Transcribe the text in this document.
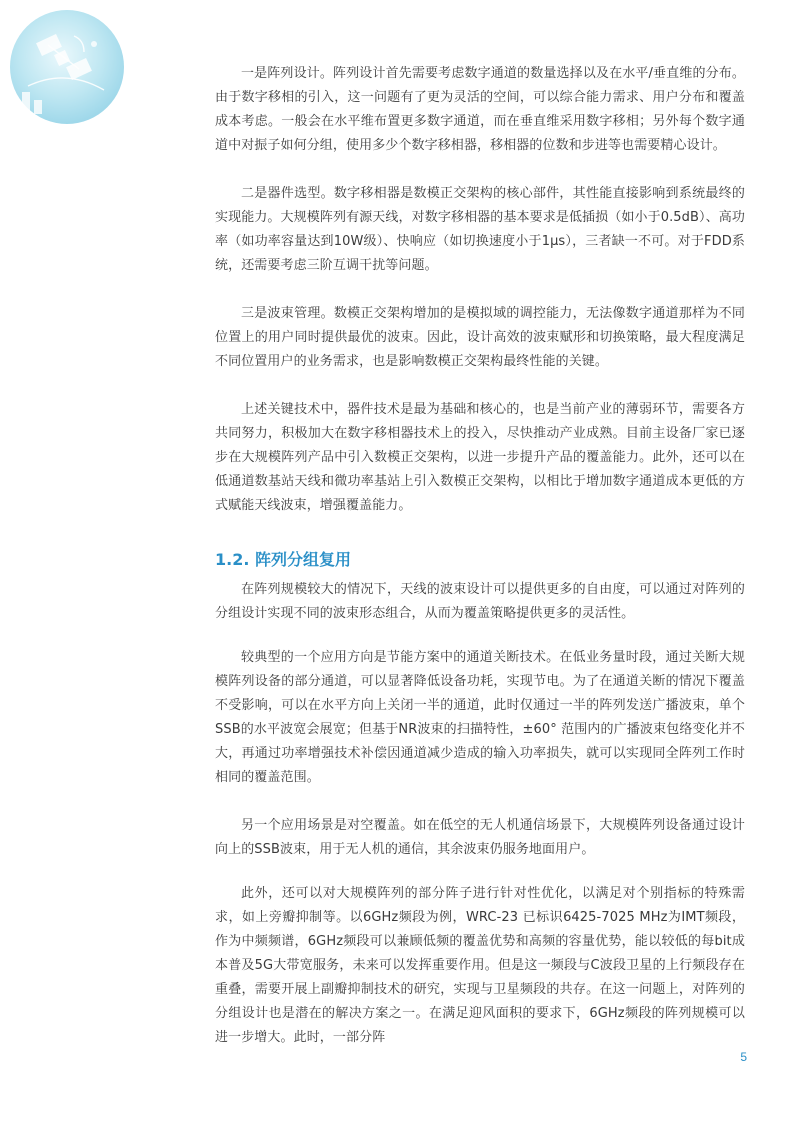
一是阵列设计。阵列设计首先需要考虑数字通道的数量选择以及在水平/垂直维的分布。由于数字移相的引入，这一问题有了更为灵活的空间，可以综合能力需求、用户分布和覆盖成本考虑。一般会在水平维布置更多数字通道，而在垂直维采用数字移相；另外每个数字通道中对振子如何分组，使用多少个数字移相器，移相器的位数和步进等也需要精心设计。

二是器件选型。数字移相器是数模正交架构的核心部件，其性能直接影响到系统最终的实现能力。大规模阵列有源天线，对数字移相器的基本要求是低插损（如小于0.5dB）、高功率（如功率容量达到10W级）、快响应（如切换速度小于1μs），三者缺一不可。对于FDD系统，还需要考虑三阶互调干扰等问题。

三是波束管理。数模正交架构增加的是模拟域的调控能力，无法像数字通道那样为不同位置上的用户同时提供最优的波束。因此，设计高效的波束赋形和切换策略，最大程度满足不同位置用户的业务需求，也是影响数模正交架构最终性能的关键。

上述关键技术中，器件技术是最为基础和核心的，也是当前产业的薄弱环节，需要各方共同努力，积极加大在数字移相器技术上的投入，尽快推动产业成熟。目前主设备厂家已逐步在大规模阵列产品中引入数模正交架构，以进一步提升产品的覆盖能力。此外，还可以在低通道数基站天线和微功率基站上引入数模正交架构，以相比于增加数字通道成本更低的方式赋能天线波束，增强覆盖能力。

1.2. 阵列分组复用

在阵列规模较大的情况下，天线的波束设计可以提供更多的自由度，可以通过对阵列的分组设计实现不同的波束形态组合，从而为覆盖策略提供更多的灵活性。

较典型的一个应用方向是节能方案中的通道关断技术。在低业务量时段，通过关断大规模阵列设备的部分通道，可以显著降低设备功耗，实现节电。为了在通道关断的情况下覆盖不受影响，可以在水平方向上关闭一半的通道，此时仅通过一半的阵列发送广播波束，单个SSB的水平波宽会展宽；但基于NR波束的扫描特性，±60° 范围内的广播波束包络变化并不大，再通过功率增强技术补偿因通道减少造成的输入功率损失，就可以实现同全阵列工作时相同的覆盖范围。

另一个应用场景是对空覆盖。如在低空的无人机通信场景下，大规模阵列设备通过设计向上的SSB波束，用于无人机的通信，其余波束仍服务地面用户。

此外，还可以对大规模阵列的部分阵子进行针对性优化，以满足对个别指标的特殊需求，如上旁瓣抑制等。以6GHz频段为例，WRC-23 已标识6425-7025 MHz为IMT频段，作为中频频谱，6GHz频段可以兼顾低频的覆盖优势和高频的容量优势，能以较低的每bit成本普及5G大带宽服务，未来可以发挥重要作用。但是这一频段与C波段卫星的上行频段存在重叠，需要开展上副瓣抑制技术的研究，实现与卫星频段的共存。在这一问题上，对阵列的分组设计也是潜在的解决方案之一。在满足迎风面积的要求下，6GHz频段的阵列规模可以进一步增大。此时，一部分阵

5
